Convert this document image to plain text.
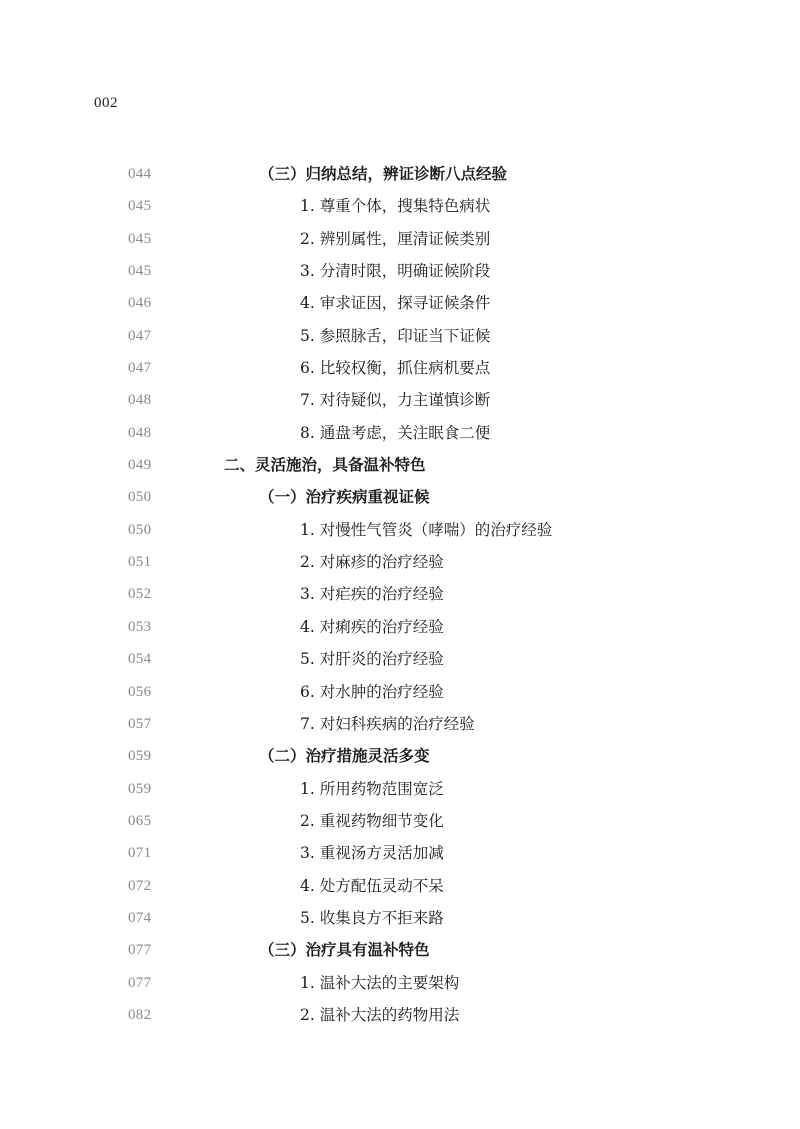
002
044	（三）归纳总结，辨证诊断八点经验
045	1. 尊重个体，搜集特色病状
045	2. 辨别属性，厘清证候类别
045	3. 分清时限，明确证候阶段
046	4. 审求证因，探寻证候条件
047	5. 参照脉舌，印证当下证候
047	6. 比较权衡，抓住病机要点
048	7. 对待疑似，力主谨慎诊断
048	8. 通盘考虑，关注眠食二便
049	二、灵活施治，具备温补特色
050	（一）治疗疾病重视证候
050	1. 对慢性气管炎（哮喘）的治疗经验
051	2. 对麻疹的治疗经验
052	3. 对疟疾的治疗经验
053	4. 对痢疾的治疗经验
054	5. 对肝炎的治疗经验
056	6. 对水肿的治疗经验
057	7. 对妇科疾病的治疗经验
059	（二）治疗措施灵活多变
059	1. 所用药物范围宽泛
065	2. 重视药物细节变化
071	3. 重视汤方灵活加减
072	4. 处方配伍灵动不呆
074	5. 收集良方不拒来路
077	（三）治疗具有温补特色
077	1. 温补大法的主要架构
082	2. 温补大法的药物用法
